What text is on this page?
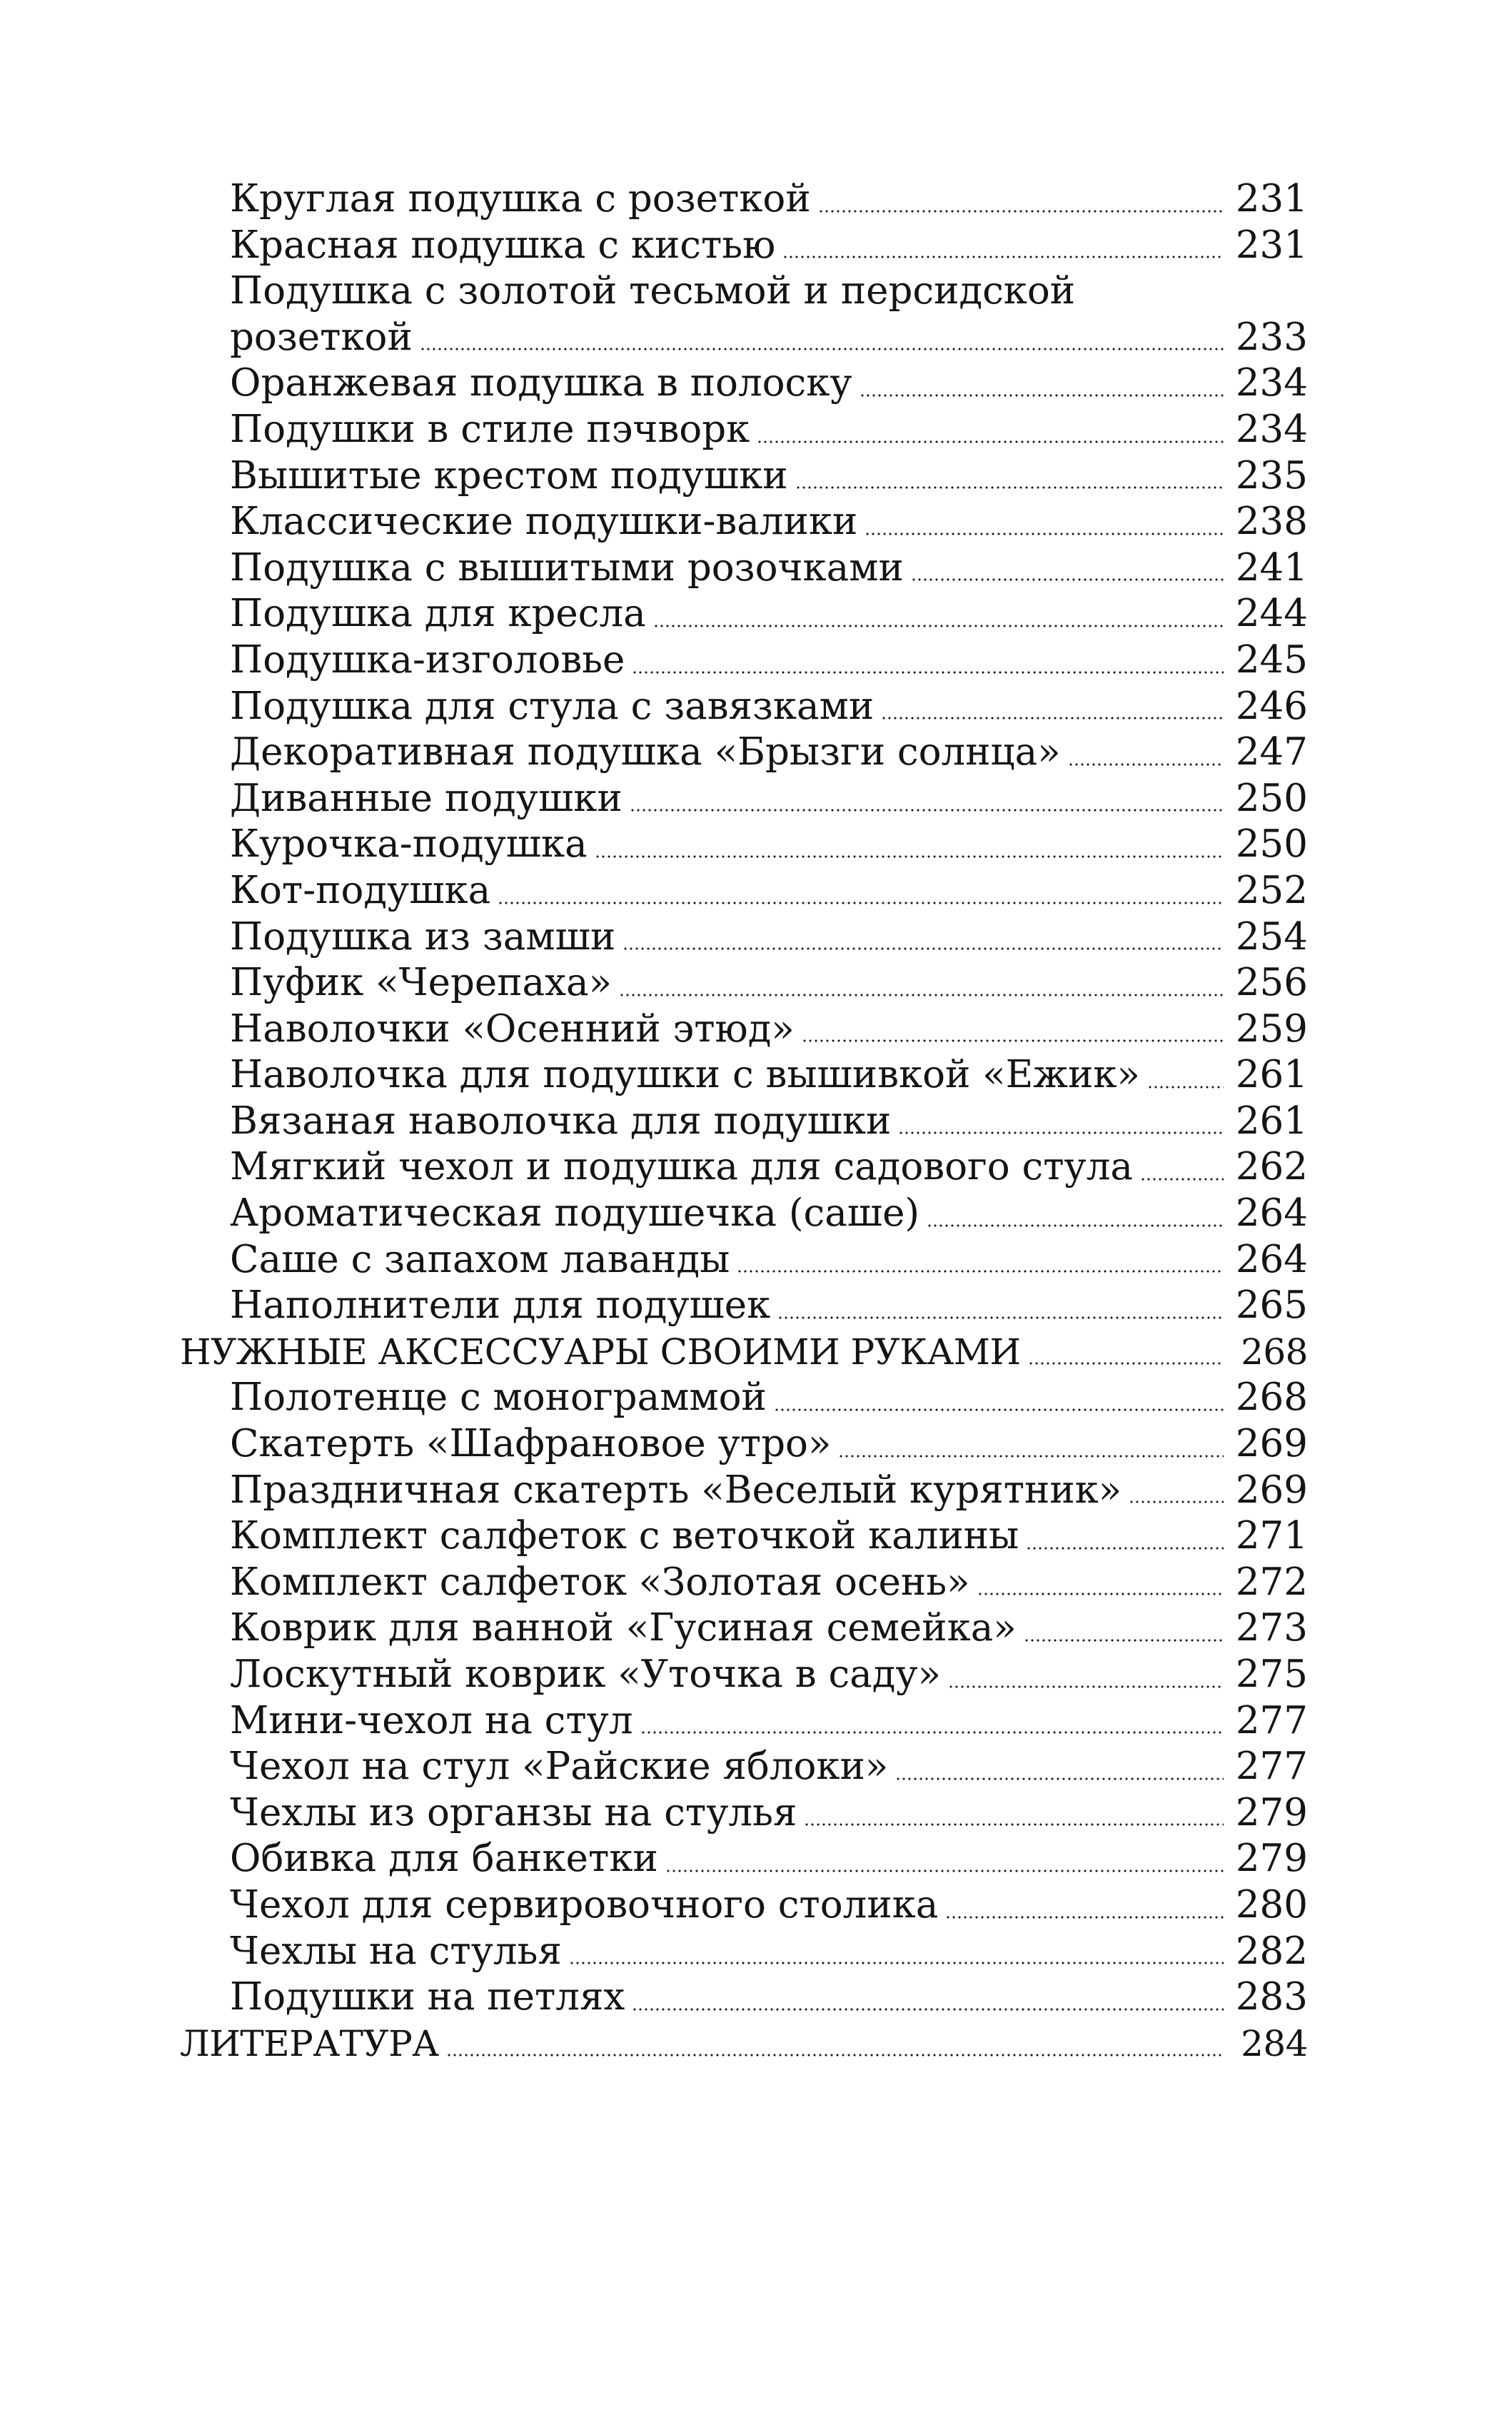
Круглая подушка с розеткой	231
Красная подушка с кистью	231
Подушка с золотой тесьмой и персидской
розеткой	233
Оранжевая подушка в полоску	234
Подушки в стиле пэчворк	234
Вышитые крестом подушки	235
Классические подушки-валики	238
Подушка с вышитыми розочками	241
Подушка для кресла	244
Подушка-изголовье	245
Подушка для стула с завязками	246
Декоративная подушка «Брызги солнца»	247
Диванные подушки	250
Курочка-подушка	250
Кот-подушка	252
Подушка из замши	254
Пуфик «Черепаха»	256
Наволочки «Осенний этюд»	259
Наволочка для подушки с вышивкой «Ежик»	261
Вязаная наволочка для подушки	261
Мягкий чехол и подушка для садового стула	262
Ароматическая подушечка (саше)	264
Саше с запахом лаванды	264
Наполнители для подушек	265
НУЖНЫЕ АКСЕССУАРЫ СВОИМИ РУКАМИ	268
Полотенце с монограммой	268
Скатерть «Шафрановое утро»	269
Праздничная скатерть «Веселый курятник»	269
Комплект салфеток с веточкой калины	271
Комплект салфеток «Золотая осень»	272
Коврик для ванной «Гусиная семейка»	273
Лоскутный коврик «Уточка в саду»	275
Мини-чехол на стул	277
Чехол на стул «Райские яблоки»	277
Чехлы из органзы на стулья	279
Обивка для банкетки	279
Чехол для сервировочного столика	280
Чехлы на стулья	282
Подушки на петлях	283
ЛИТЕРАТУРА	284
